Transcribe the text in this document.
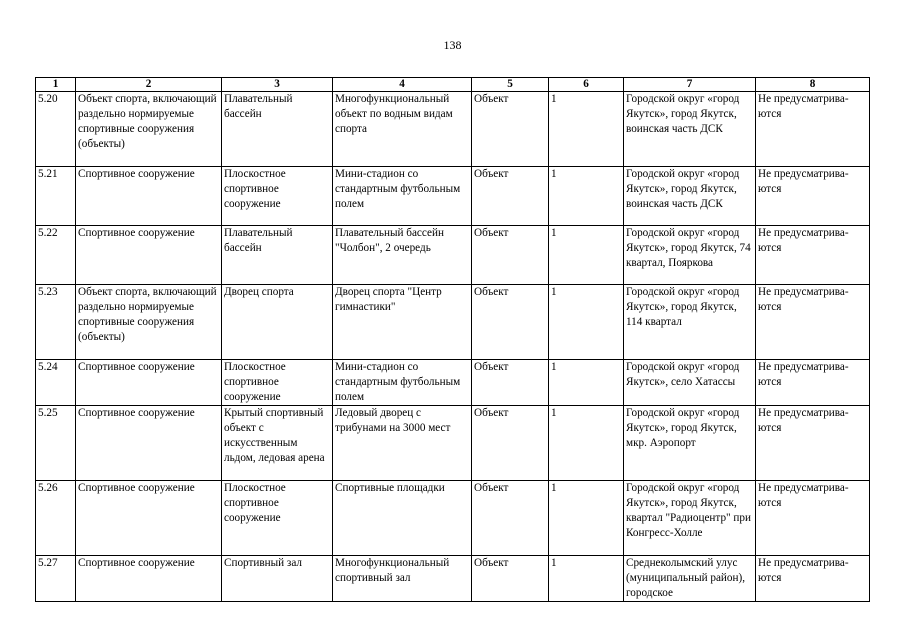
138
1	2	3	4	5	6	7	8
5.20	Объект спорта, включающий раздельно нормируемые спортивные сооружения (объекты)	Плавательный бассейн	Многофункциональный объект по водным видам спорта	Объект	1	Городской округ «город Якутск», город Якутск, воинская часть ДСК	Не предусматрива-ются
5.21	Спортивное сооружение	Плоскостное спортивное сооружение	Мини-стадион со стандартным футбольным полем	Объект	1	Городской округ «город Якутск», город Якутск, воинская часть ДСК	Не предусматрива-ются
5.22	Спортивное сооружение	Плавательный бассейн	Плавательный бассейн "Чолбон", 2 очередь	Объект	1	Городской округ «город Якутск», город Якутск, 74 квартал, Пояркова	Не предусматрива-ются
5.23	Объект спорта, включающий раздельно нормируемые спортивные сооружения (объекты)	Дворец спорта	Дворец спорта "Центр гимнастики"	Объект	1	Городской округ «город Якутск», город Якутск, 114 квартал	Не предусматрива-ются
5.24	Спортивное сооружение	Плоскостное спортивное сооружение	Мини-стадион со стандартным футбольным полем	Объект	1	Городской округ «город Якутск», село Хатассы	Не предусматрива-ются
5.25	Спортивное сооружение	Крытый спортивный объект с искусственным льдом, ледовая арена	Ледовый дворец с трибунами на 3000 мест	Объект	1	Городской округ «город Якутск», город Якутск, мкр. Аэропорт	Не предусматрива-ются
5.26	Спортивное сооружение	Плоскостное спортивное сооружение	Спортивные площадки	Объект	1	Городской округ «город Якутск», город Якутск, квартал "Радиоцентр" при Конгресс-Холле	Не предусматрива-ются
5.27	Спортивное сооружение	Спортивный зал	Многофункциональный спортивный зал	Объект	1	Среднеколымский улус (муниципальный район), городское	Не предусматрива-ются
